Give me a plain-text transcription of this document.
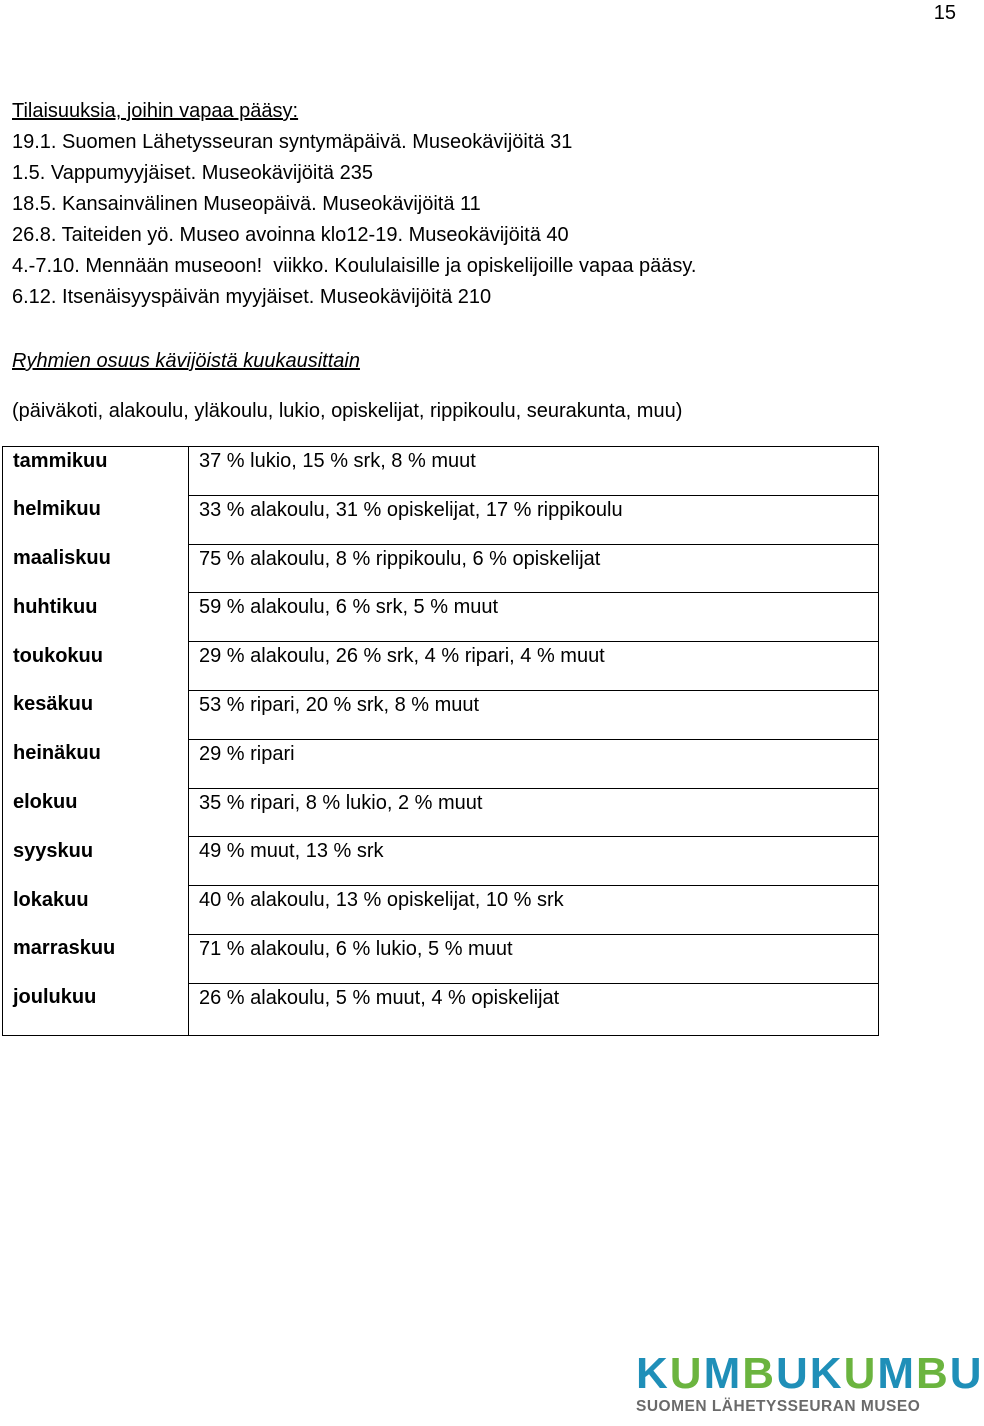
15
Tilaisuuksia, joihin vapaa pääsy:
19.1. Suomen Lähetysseuran syntymäpäivä. Museokävijöitä 31
1.5. Vappumyyjäiset. Museokävijöitä 235
18.5. Kansainvälinen Museopäivä. Museokävijöitä 11
26.8. Taiteiden yö. Museo avoinna klo12-19. Museokävijöitä 40
4.-7.10. Mennään museoon!  viikko. Koululaisille ja opiskelijoille vapaa pääsy.
6.12. Itsenäisyyspäivän myyjäiset. Museokävijöitä 210
Ryhmien osuus kävijöistä kuukausittain
(päiväkoti, alakoulu, yläkoulu, lukio, opiskelijat, rippikoulu, seurakunta, muu)
tammikuu	37 % lukio, 15 % srk, 8 % muut

helmikuu	33 % alakoulu, 31 % opiskelijat, 17 % rippikoulu

maaliskuu	75 % alakoulu, 8 % rippikoulu, 6 % opiskelijat

huhtikuu	59 % alakoulu, 6 % srk, 5 % muut

toukokuu	29 % alakoulu, 26 % srk, 4 % ripari, 4 % muut

kesäkuu	53 % ripari, 20 % srk, 8 % muut

heinäkuu	29 % ripari

elokuu	35 % ripari, 8 % lukio, 2 % muut

syyskuu	49 % muut, 13 % srk

lokakuu	40 % alakoulu, 13 % opiskelijat, 10 % srk

marraskuu	71 % alakoulu, 6 % lukio, 5 % muut

joulukuu	26 % alakoulu, 5 % muut, 4 % opiskelijat
KUMBUKUMBU
SUOMEN LÄHETYSSEURAN MUSEO
